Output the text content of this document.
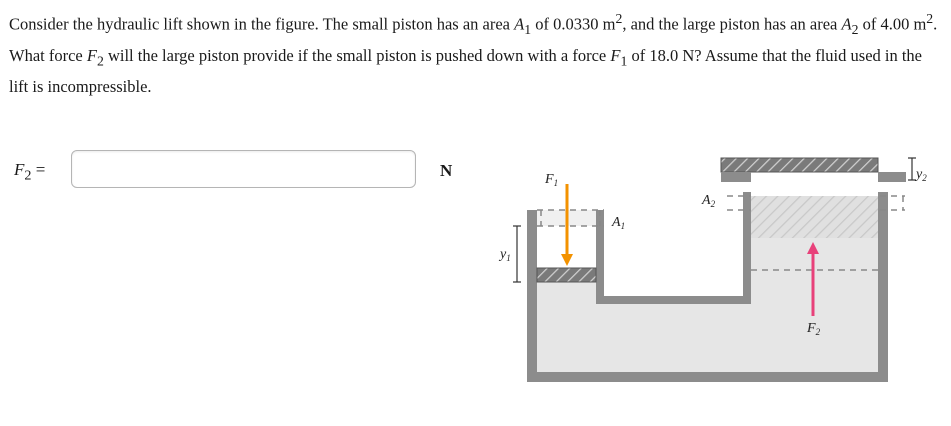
Consider the hydraulic lift shown in the figure. The small piston has an area $A_1$ of 0.0330 $m^2$, and the large piston has an area $A_2$ of 4.00 $m^2$. What force $F_2$ will the large piston provide if the small piston is pushed down with a force $F_1$ of 18.0 N? Assume that the fluid used in the lift is incompressible.
$F_2$ =	N	$F_1$
$A_1$
$A_2$
$y_1$
$y_2$
$F_2$
